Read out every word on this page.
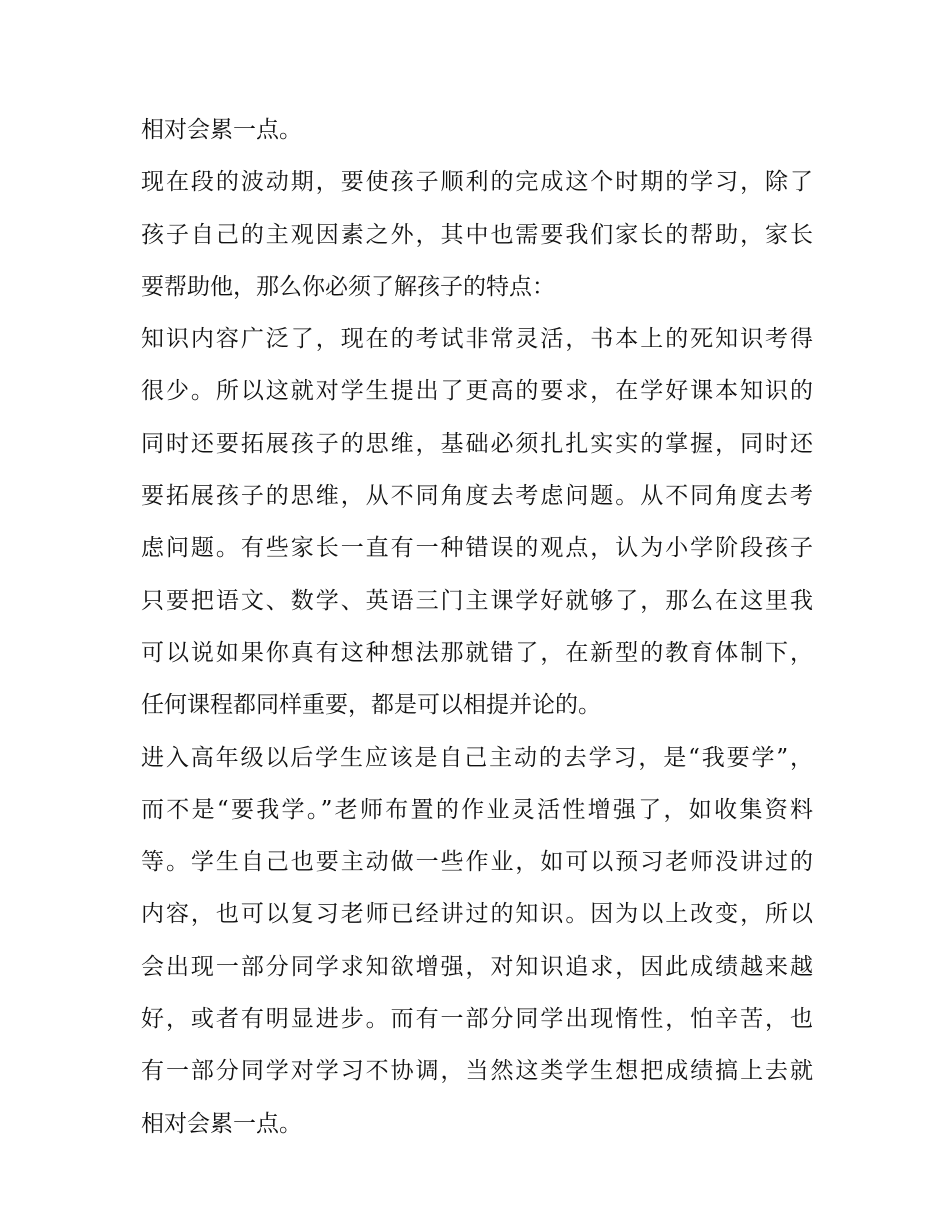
相对会累一点。
现在段的波动期，要使孩子顺利的完成这个时期的学习，除了
孩子自己的主观因素之外，其中也需要我们家长的帮助，家长
要帮助他，那么你必须了解孩子的特点：
知识内容广泛了，现在的考试非常灵活，书本上的死知识考得
很少。所以这就对学生提出了更高的要求，在学好课本知识的
同时还要拓展孩子的思维，基础必须扎扎实实的掌握，同时还
要拓展孩子的思维，从不同角度去考虑问题。从不同角度去考
虑问题。有些家长一直有一种错误的观点，认为小学阶段孩子
只要把语文、数学、英语三门主课学好就够了，那么在这里我
可以说如果你真有这种想法那就错了，在新型的教育体制下，
任何课程都同样重要，都是可以相提并论的。
进入高年级以后学生应该是自己主动的去学习，是“我要学”，
而不是“要我学。”老师布置的作业灵活性增强了，如收集资料
等。学生自己也要主动做一些作业，如可以预习老师没讲过的
内容，也可以复习老师已经讲过的知识。因为以上改变，所以
会出现一部分同学求知欲增强，对知识追求，因此成绩越来越
好，或者有明显进步。而有一部分同学出现惰性，怕辛苦，也
有一部分同学对学习不协调，当然这类学生想把成绩搞上去就
相对会累一点。
